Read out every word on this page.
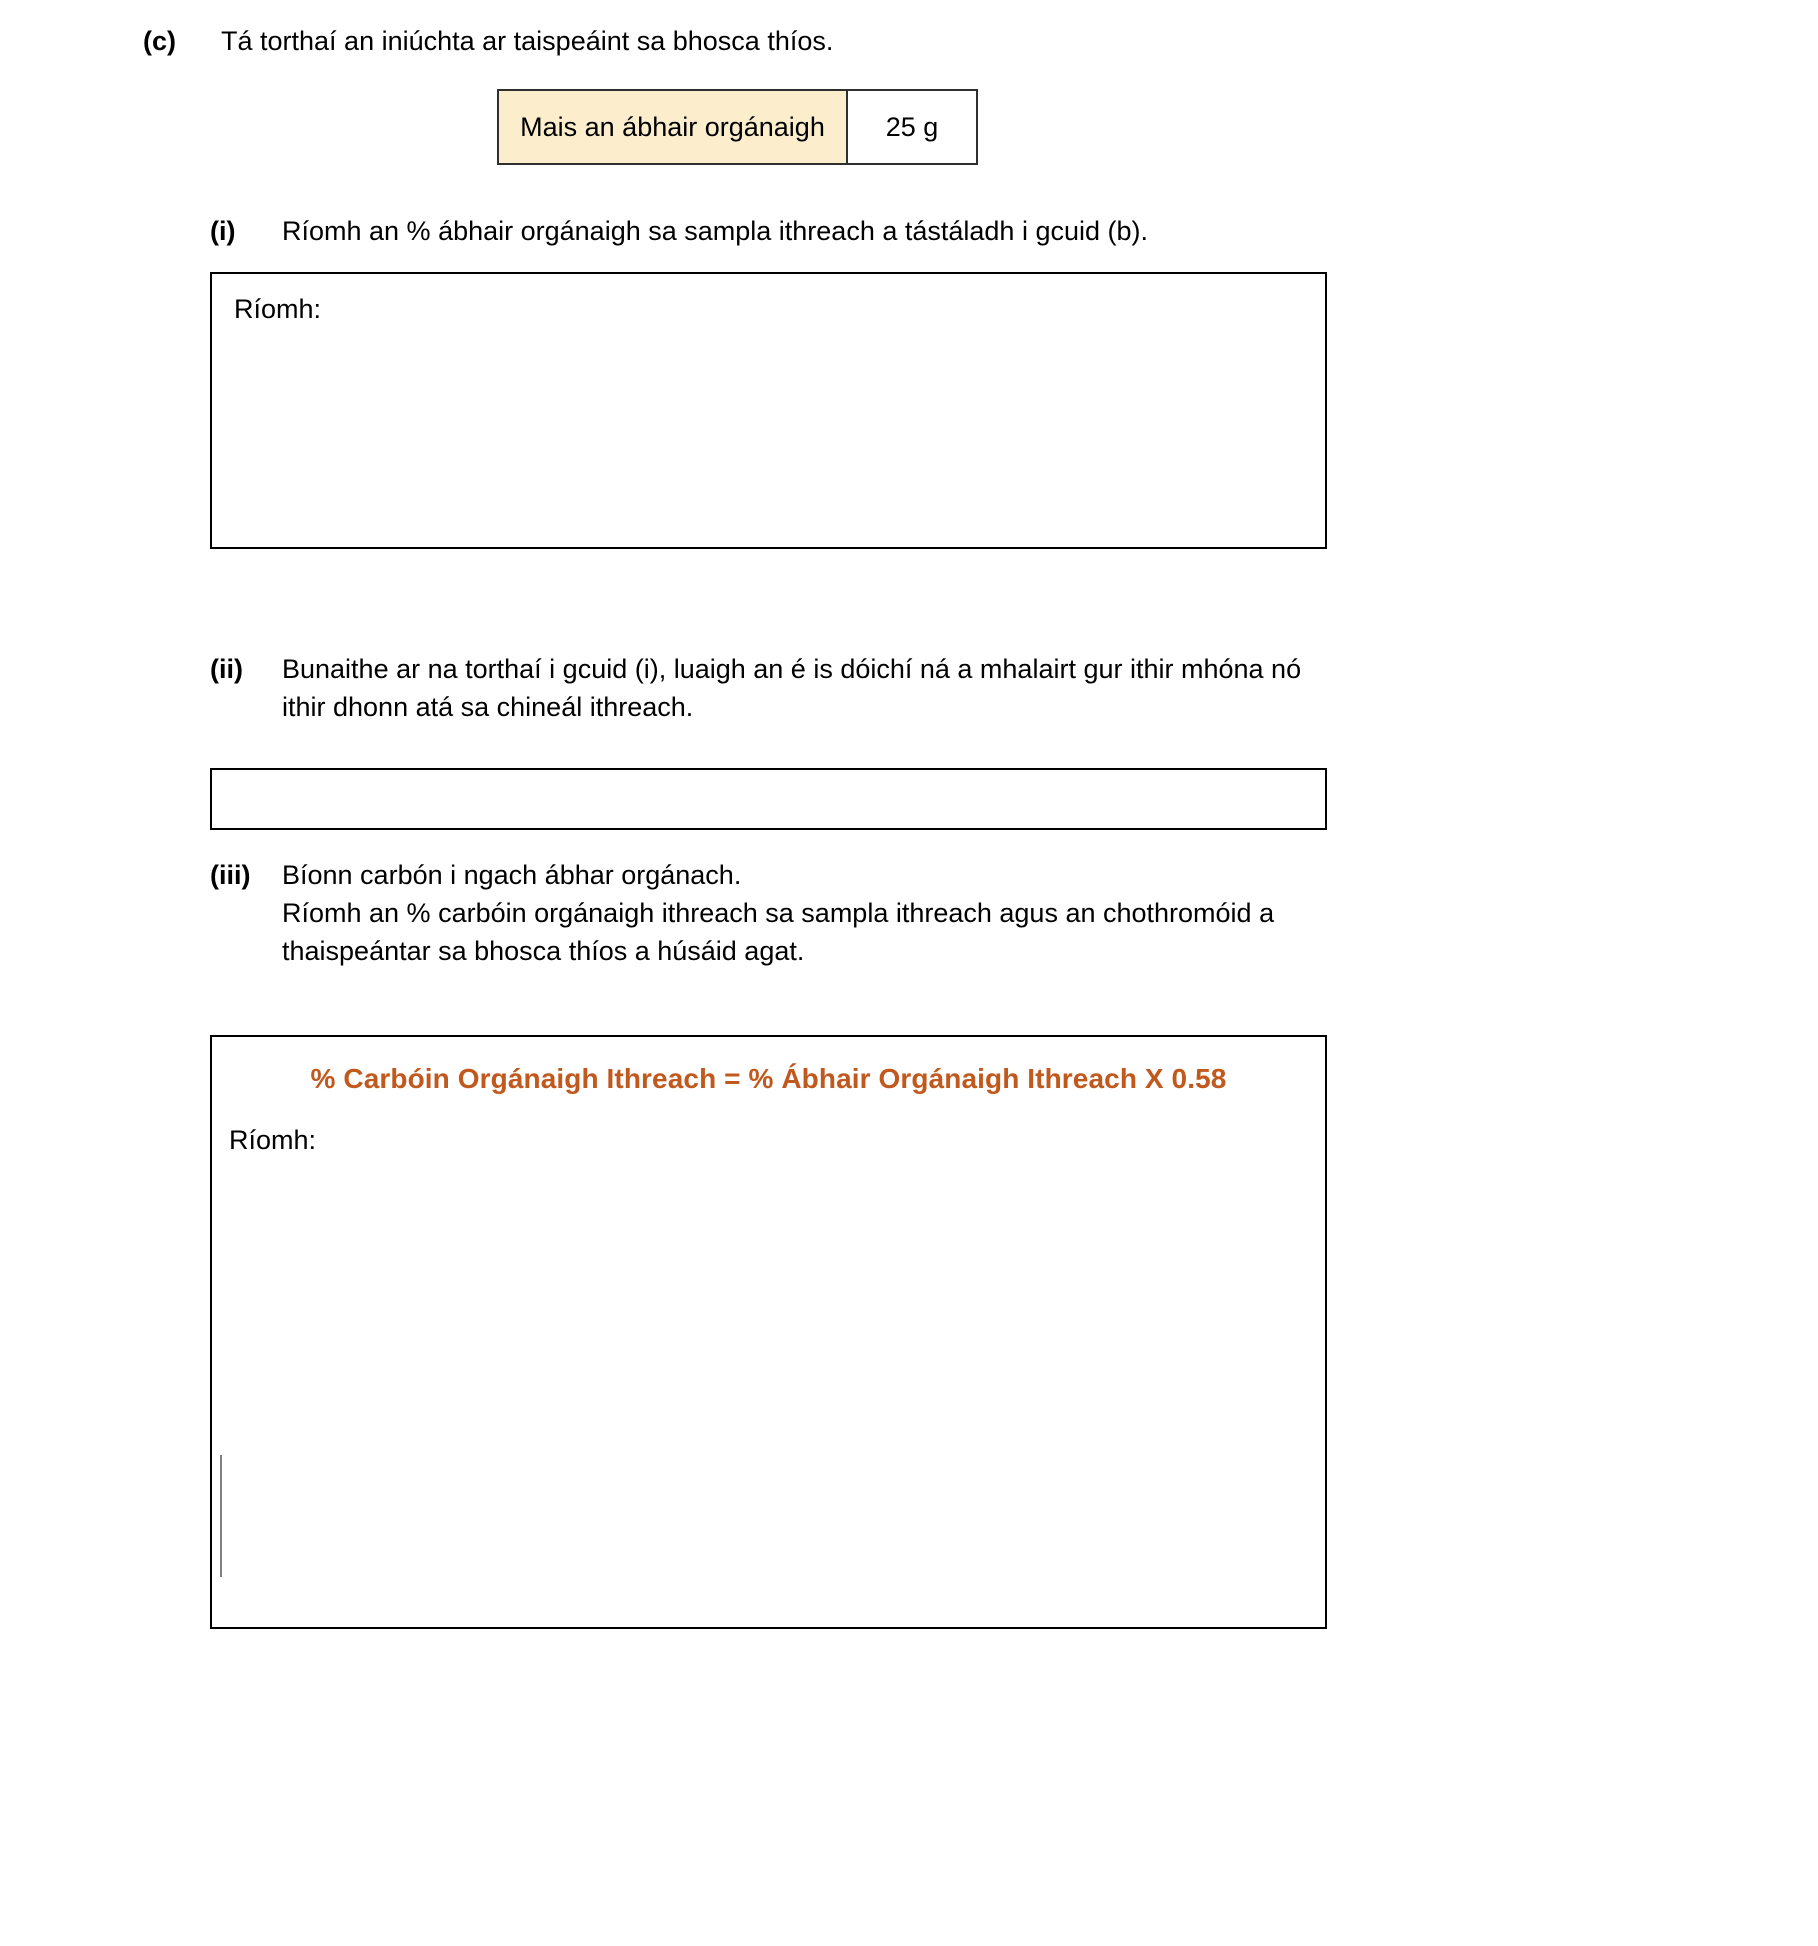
(c)	Tá torthaí an iniúchta ar taispeáint sa bhosca thíos.
Mais an ábhair orgánaigh	25 g
(i)	Ríomh an % ábhair orgánaigh sa sampla ithreach a tástáladh i gcuid (b).
Ríomh:
(ii)	Bunaithe ar na torthaí i gcuid (i), luaigh an é is dóichí ná a mhalairt gur ithir mhóna nó
ithir dhonn atá sa chineál ithreach.
(iii)	Bíonn carbón i ngach ábhar orgánach.
Ríomh an % carbóin orgánaigh ithreach sa sampla ithreach agus an chothromóid a
thaispeántar sa bhosca thíos a húsáid agat.
% Carbóin Orgánaigh Ithreach = % Ábhair Orgánaigh Ithreach X 0.58
Ríomh:
